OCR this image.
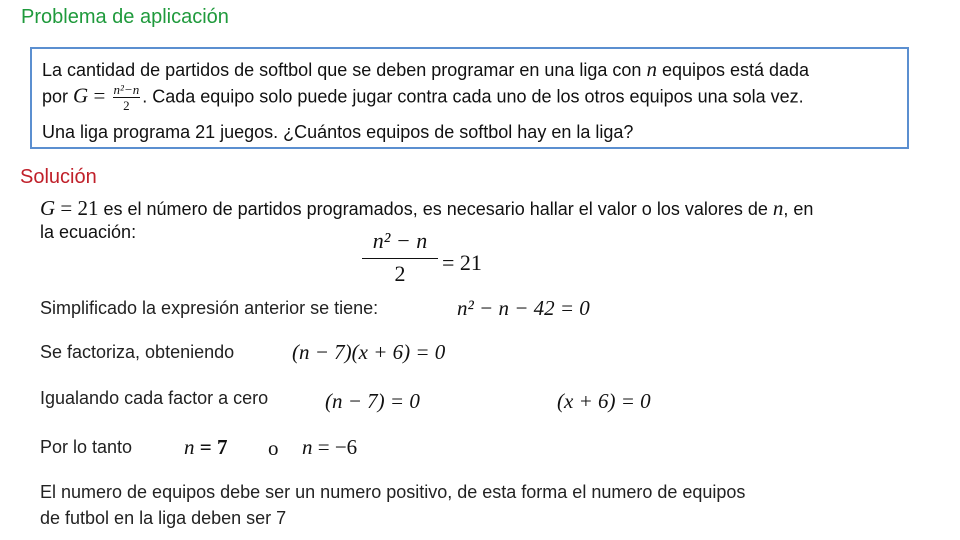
Problema de aplicación
La cantidad de partidos de softbol que se deben programar en una liga con n equipos está dada
por $G = \frac{\text{n²−n}}{2}$ . Cada equipo solo puede jugar contra cada uno de los otros equipos una sola vez.
Una liga programa 21 juegos. ¿Cuántos equipos de softbol hay en la liga?
Solución
G = 21 es el número de partidos programados, es necesario hallar el valor o los valores de n, en
la ecuación:	$\frac{\text{n² − n}}{2} = 21$
Simplificado la expresión anterior se tiene:	n² − n − 42 = 0
Se factoriza, obteniendo	(n − 7)(x + 6) = 0
Igualando cada factor a cero	(n − 7) = 0	(x + 6) = 0
Por lo tanto n = 7 o n = −6
El numero de equipos debe ser un numero positivo, de esta forma el numero de equipos
de futbol en la liga deben ser 7
